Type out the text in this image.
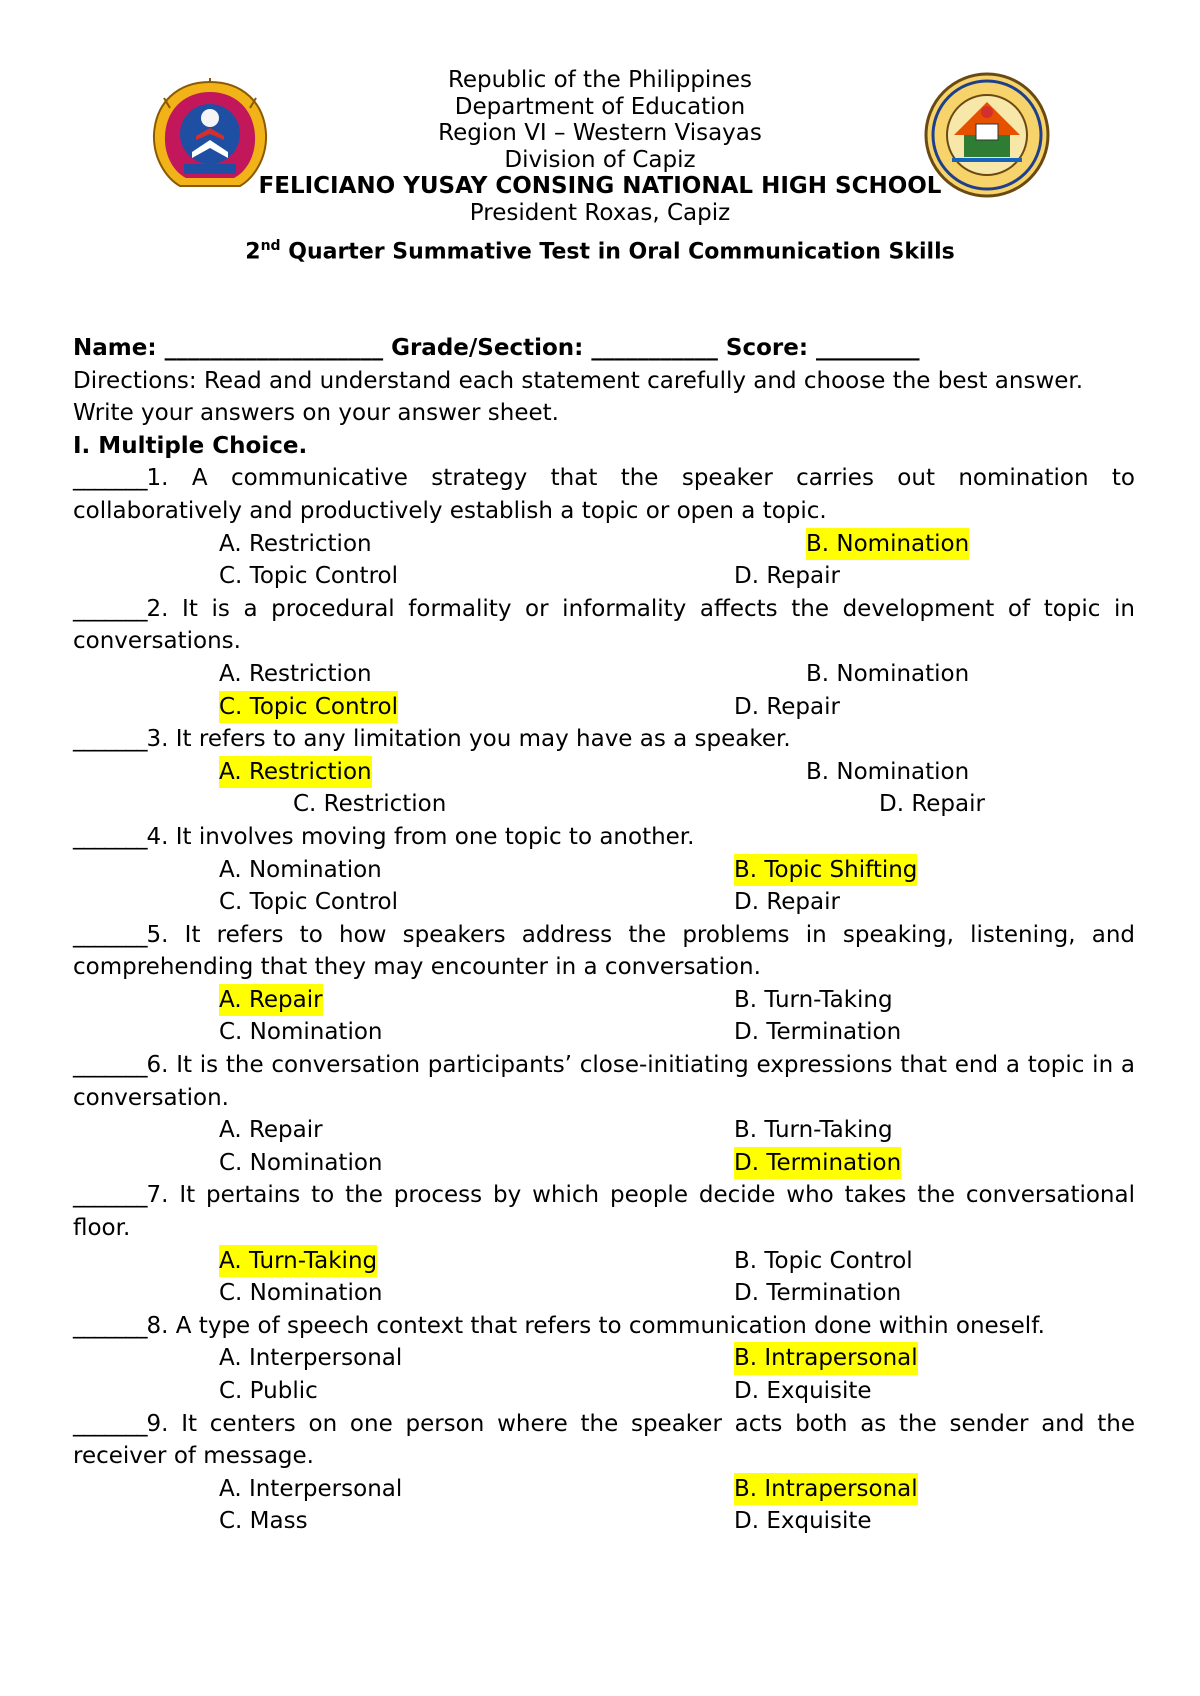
Republic of the Philippines
Department of Education
Region VI – Western Visayas
Division of Capiz
FELICIANO YUSAY CONSING NATIONAL HIGH SCHOOL
President Roxas, Capiz
2nd Quarter Summative Test in Oral Communication Skills
Name: ___________________ Grade/Section: ___________ Score: _________
Directions: Read and understand each statement carefully and choose the best answer. Write your answers on your answer sheet.
I. Multiple Choice.
_______1. A communicative strategy that the speaker carries out nomination to collaboratively and productively establish a topic or open a topic.
A. Restriction	B. Nomination
C. Topic Control	D. Repair
_______2. It is a procedural formality or informality affects the development of topic in conversations.
A. Restriction	B. Nomination
C. Topic Control	D. Repair
_______3. It refers to any limitation you may have as a speaker.
A. Restriction	B. Nomination
C. Restriction	D. Repair
_______4. It involves moving from one topic to another.
A. Nomination	B. Topic Shifting
C. Topic Control	D. Repair
_______5. It refers to how speakers address the problems in speaking, listening, and comprehending that they may encounter in a conversation.
A. Repair	B. Turn-Taking
C. Nomination	D. Termination
_______6. It is the conversation participants’ close-initiating expressions that end a topic in a conversation.
A. Repair	B. Turn-Taking
C. Nomination	D. Termination
_______7. It pertains to the process by which people decide who takes the conversational floor.
A. Turn-Taking	B. Topic Control
C. Nomination	D. Termination
_______8. A type of speech context that refers to communication done within oneself.
A. Interpersonal	B. Intrapersonal
C. Public	D. Exquisite
_______9. It centers on one person where the speaker acts both as the sender and the receiver of message.
A. Interpersonal	B. Intrapersonal
C. Mass	D. Exquisite
